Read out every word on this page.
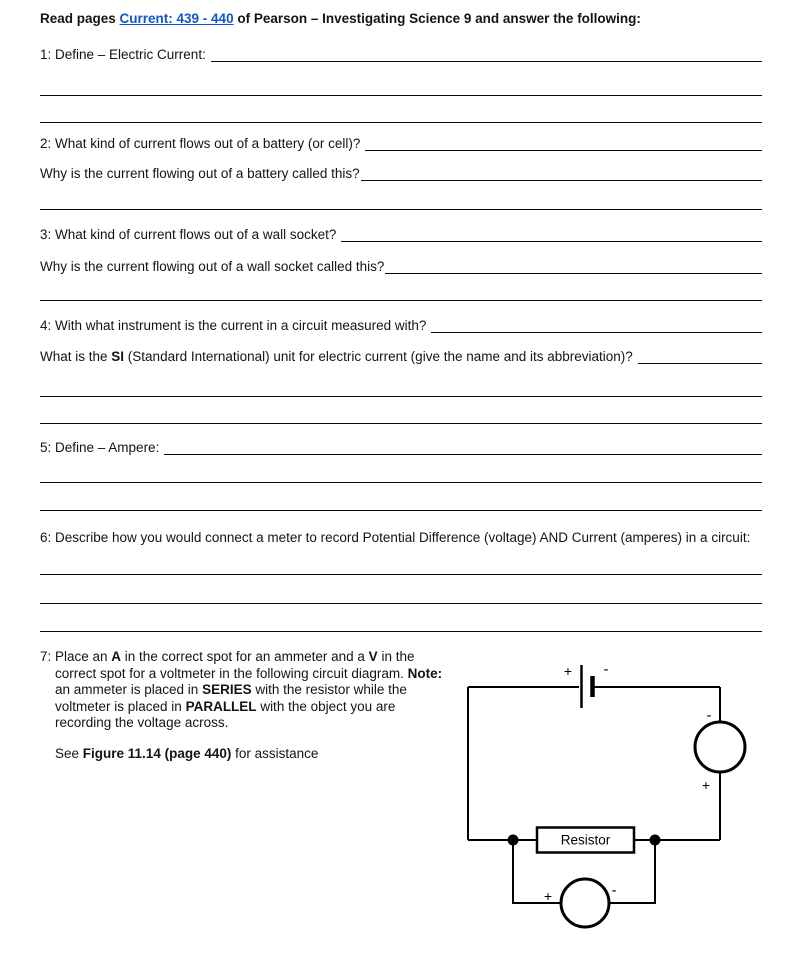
Read pages Current: 439 - 440 of Pearson – Investigating Science 9 and answer the following:

1: Define – Electric Current:
2: What kind of current flows out of a battery (or cell)?
Why is the current flowing out of a battery called this?
3: What kind of current flows out of a wall socket?
Why is the current flowing out of a wall socket called this?
4: With what instrument is the current in a circuit measured with?
What is the SI (Standard International) unit for electric current (give the name and its abbreviation)?
5: Define – Ampere:
6: Describe how you would connect a meter to record Potential Difference (voltage) AND Current (amperes) in a circuit:

7: Place an A in the correct spot for an ammeter and a V in the correct spot for a voltmeter in the following circuit diagram. Note: an ammeter is placed in SERIES with the resistor while the voltmeter is placed in PARALLEL with the object you are recording the voltage across.

See Figure 11.14 (page 440) for assistance

+ -
-
+
Resistor
+	-
